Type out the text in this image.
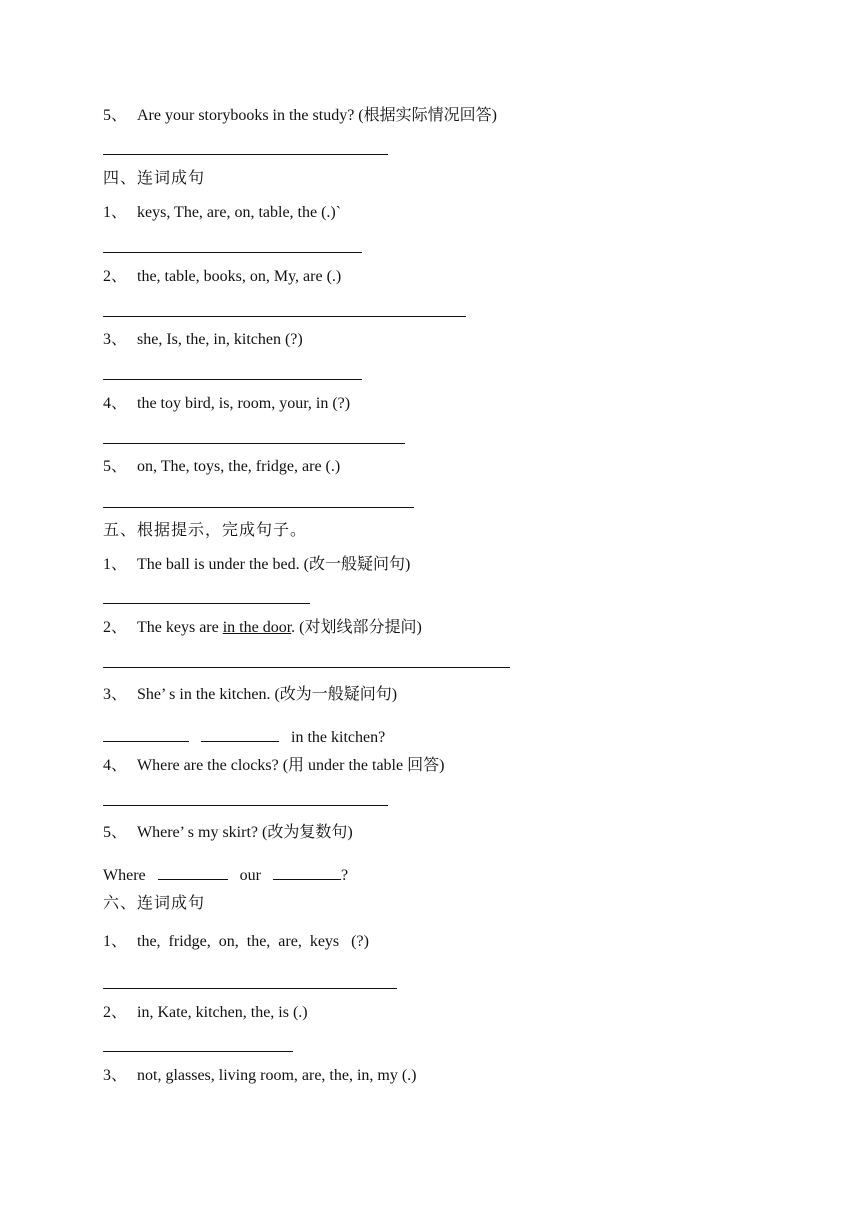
5、 Are your storybooks in the study? (根据实际情况回答)
四、连词成句
1、 keys, The, are, on, table, the (.)`
2、 the, table, books, on, My, are (.)
3、 she, Is, the, in, kitchen (?)
4、 the toy bird, is, room, your, in (?)
5、 on, The, toys, the, fridge, are (.)
五、根据提示，完成句子。
1、 The ball is under the bed. (改一般疑问句)
2、 The keys are in the door. (对划线部分提问)
3、 She’ s in the kitchen. (改为一般疑问句)
in the kitchen?
4、 Where are the clocks? (用 under the table 回答)
5、 Where’ s my skirt? (改为复数句)
Where	our	?
六、连词成句
1、 the,  fridge,  on,  the,  are,  keys   (?)
2、 in, Kate, kitchen, the, is (.)
3、 not, glasses, living room, are, the, in, my (.)
